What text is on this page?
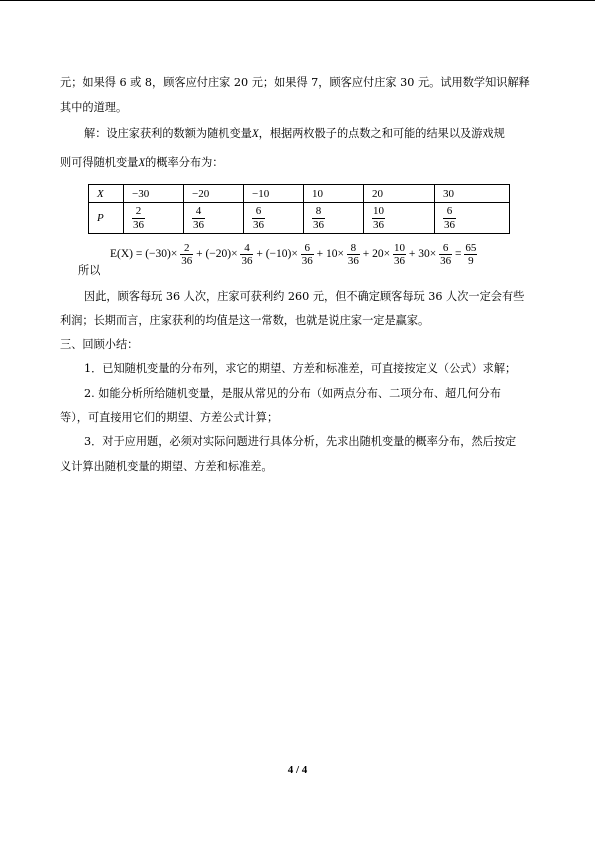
元；如果得 6 或 8，顾客应付庄家 20 元；如果得 7，顾客应付庄家 30 元。试用数学知识解释
其中的道理。
解：设庄家获利的数额为随机变量X，根据两枚骰子的点数之和可能的结果以及游戏规
则可得随机变量X的概率分布为：
X	−30	−20	−10	10	20	30
P	$\frac{2}{36}$	$\frac{4}{36}$	$\frac{6}{36}$	$\frac{8}{36}$	$\frac{10}{36}$	$\frac{6}{36}$
$E(X) = (-30)\times \frac{2}{36} + (-20)\times \frac{4}{36} + (-10)\times \frac{6}{36} + 10\times \frac{8}{36} + 20\times \frac{10}{36} + 30\times \frac{6}{36} = \frac{65}{9}$
所以
因此，顾客每玩 36 人次，庄家可获利约 260 元，但不确定顾客每玩 36 人次一定会有些
利润；长期而言，庄家获利的均值是这一常数，也就是说庄家一定是赢家。
三、回顾小结：
1．已知随机变量的分布列，求它的期望、方差和标准差，可直接按定义（公式）求解；
2. 如能分析所给随机变量，是服从常见的分布（如两点分布、二项分布、超几何分布
等），可直接用它们的期望、方差公式计算；
3．对于应用题，必须对实际问题进行具体分析，先求出随机变量的概率分布，然后按定
义计算出随机变量的期望、方差和标准差。
4 / 4
